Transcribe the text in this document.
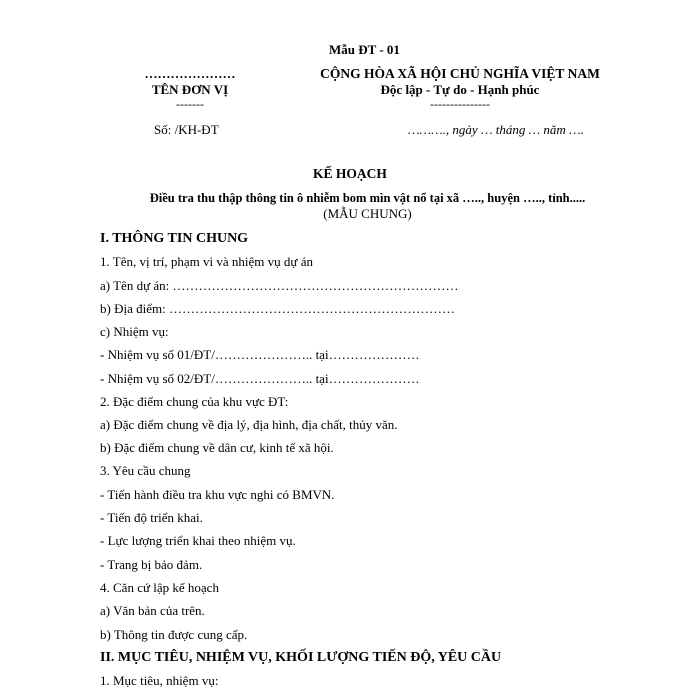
Mẫu ĐT - 01
…………………
TÊN ĐƠN VỊ
-------
Số: /KH-ĐT
CỘNG HÒA XÃ HỘI CHỦ NGHĨA VIỆT NAM
Độc lập - Tự do - Hạnh phúc
---------------
………., ngày … tháng … năm ….
KẾ HOẠCH
Điều tra thu thập thông tin ô nhiễm bom mìn vật nổ tại xã ….., huyện ….., tỉnh.....
(MẪU CHUNG)
I. THÔNG TIN CHUNG
1. Tên, vị trí, phạm vi và nhiệm vụ dự án
a) Tên dự án: …………………………………………………………
b) Địa điểm: …………………………………………………………
c) Nhiệm vụ:
- Nhiệm vụ số 01/ĐT/………………….. tại…………………
- Nhiệm vụ số 02/ĐT/………………….. tại…………………
2. Đặc điểm chung của khu vực ĐT:
a) Đặc điểm chung về địa lý, địa hình, địa chất, thủy văn.
b) Đặc điểm chung về dân cư, kinh tế xã hội.
3. Yêu cầu chung
- Tiến hành điều tra khu vực nghi có BMVN.
- Tiến độ triển khai.
- Lực lượng triển khai theo nhiệm vụ.
- Trang bị bảo đảm.
4. Căn cứ lập kế hoạch
a) Văn bản của trên.
b) Thông tin được cung cấp.
II. MỤC TIÊU, NHIỆM VỤ, KHỐI LƯỢNG TIẾN ĐỘ, YÊU CẦU
1. Mục tiêu, nhiệm vụ:
